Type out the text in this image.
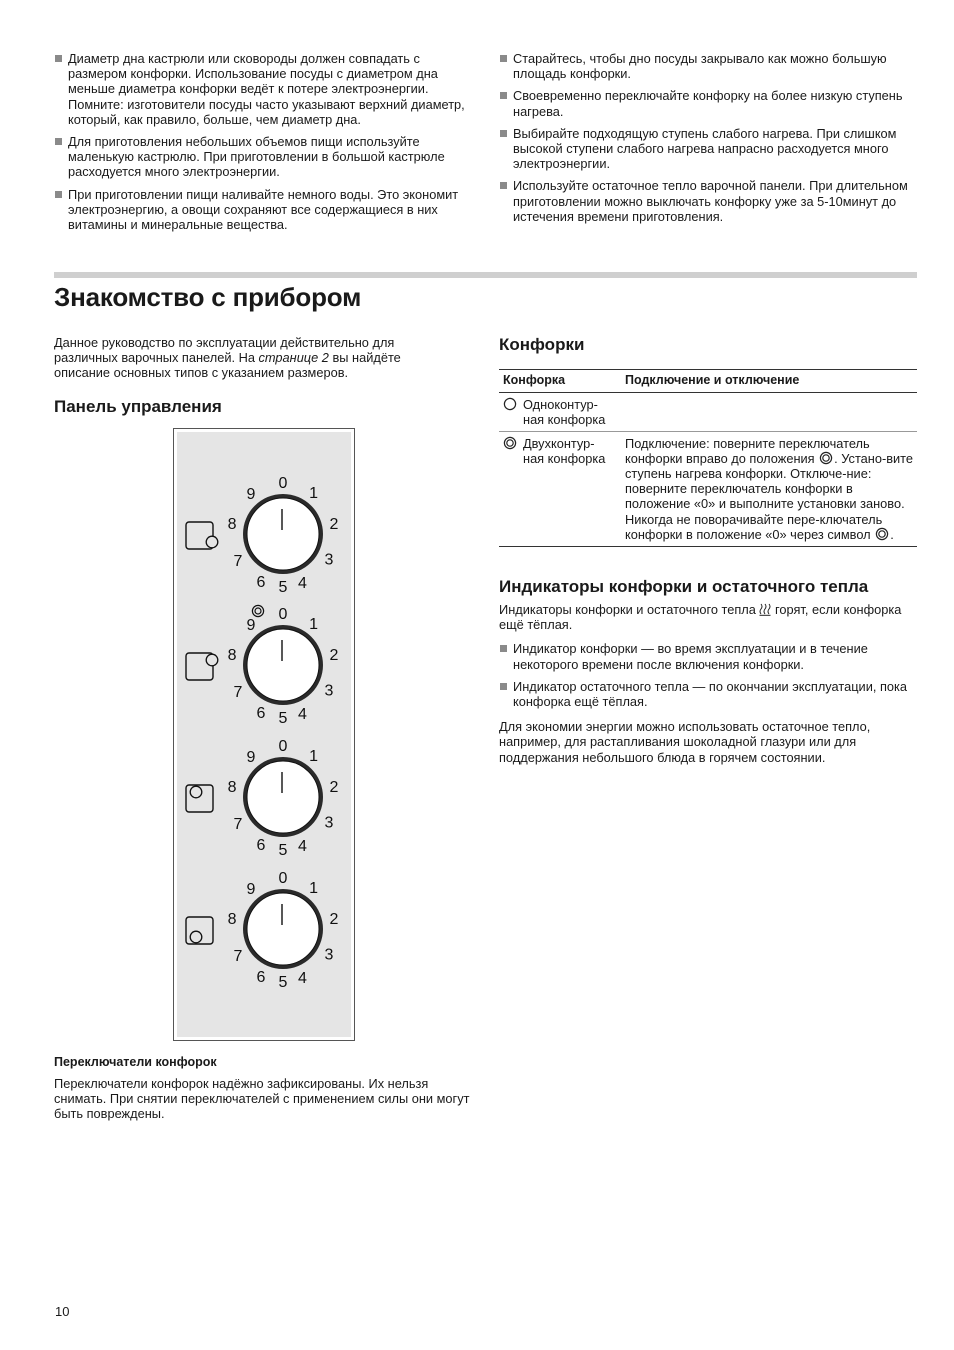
Диаметр дна кастрюли или сковороды должен совпадать с размером конфорки. Использование посуды с диаметром дна меньше диаметра конфорки ведёт к потере электроэнергии. Помните: изготовители посуды часто указывают верхний диаметр, который, как правило, больше, чем диаметр дна.
Для приготовления небольших объемов пищи используйте маленькую кастрюлю. При приготовлении в большой кастрюле расходуется много электроэнергии.
При приготовлении пищи наливайте немного воды. Это экономит электроэнергию, а овощи сохраняют все содержащиеся в них витамины и минеральные вещества.
Старайтесь, чтобы дно посуды закрывало как можно большую площадь конфорки.
Своевременно переключайте конфорку на более низкую ступень нагрева.
Выбирайте подходящую ступень слабого нагрева. При слишком высокой ступени слабого нагрева напрасно расходуется много электроэнергии.
Используйте остаточное тепло варочной панели. При длительном приготовлении можно выключать конфорку уже за 5-10минут до истечения времени приготовления.
Знакомство с прибором
Данное руководство по эксплуатации действительно для различных варочных панелей. На странице 2 вы найдёте описание основных типов с указанием размеров.
Панель управления
0
1
2
3
4
5
6
7
8
9
0
1
2
3
4
5
6
7
8
9
0
1
2
3
4
5
6
7
8
9
0
1
2
3
4
5
6
7
8
9
Переключатели конфорок

Переключатели конфорок надёжно зафиксированы. Их нельзя снимать. При снятии переключателей с применением силы они могут быть повреждены.

Конфорки
Конфорка	Подключение и отключение

Одноконтур-
ная конфорка	

Двухконтур-
ная конфорка	Подключение: поверните переключатель конфорки вправо до положения . Устано-вите ступень нагрева конфорки. Отключе-ние: поверните переключатель конфорки в положение «0» и выполните установки заново. Никогда не поворачивайте пере-ключатель конфорки в положение «0» через символ .
Индикаторы конфорки и остаточного тепла

Индикаторы конфорки и остаточного тепла  горят, если конфорка ещё тёплая.

Индикатор конфорки — во время эксплуатации и в течение некоторого времени после включения конфорки.
Индикатор остаточного тепла — по окончании эксплуатации, пока конфорка ещё тёплая.

Для экономии энергии можно использовать остаточное тепло, например, для растапливания шоколадной глазури или для поддержания небольшого блюда в горячем состоянии.

10
